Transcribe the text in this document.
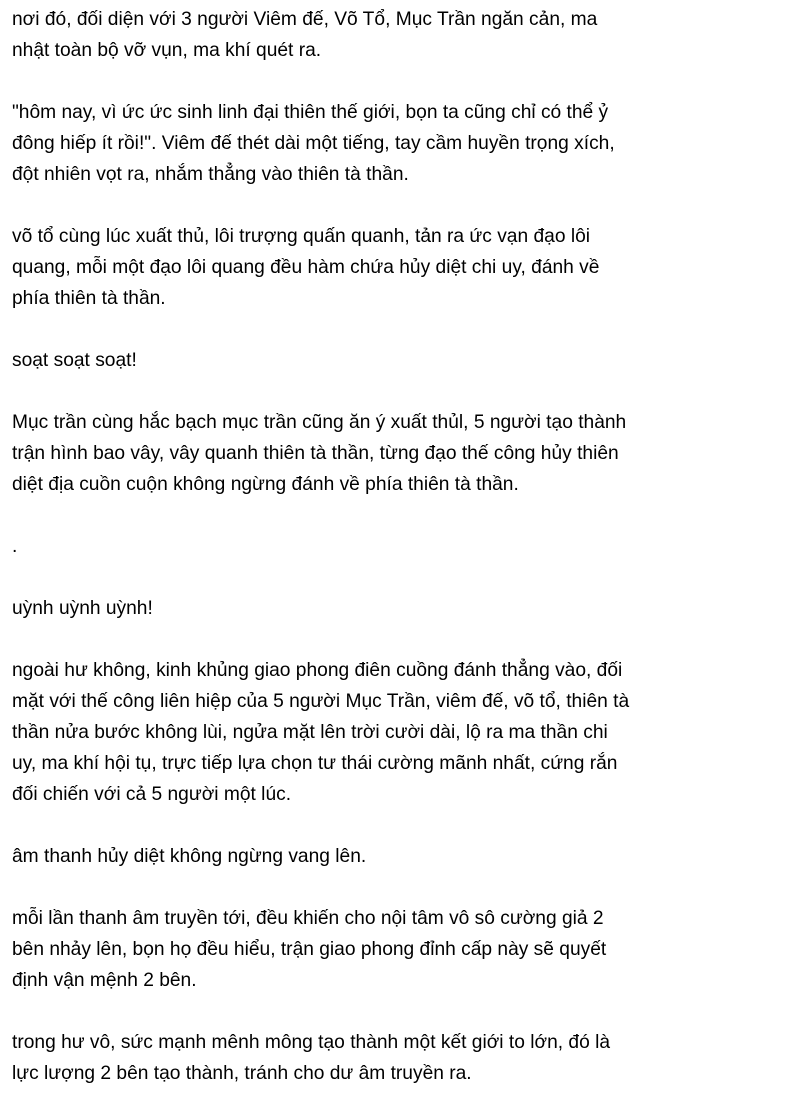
nơi đó, đối diện với 3 người Viêm đế, Võ Tổ, Mục Trần ngăn cản, ma
nhật toàn bộ vỡ vụn, ma khí quét ra.

"hôm nay, vì ức ức sinh linh đại thiên thế giới, bọn ta cũng chỉ có thể ỷ
đông hiếp ít rồi!". Viêm đế thét dài một tiếng, tay cầm huyền trọng xích,
đột nhiên vọt ra, nhắm thẳng vào thiên tà thần.

võ tổ cùng lúc xuất thủ, lôi trượng quấn quanh, tản ra ức vạn đạo lôi
quang, mỗi một đạo lôi quang đều hàm chứa hủy diệt chi uy, đánh về
phía thiên tà thần.

soạt soạt soạt!

Mục trần cùng hắc bạch mục trần cũng ăn ý xuất thủl, 5 người tạo thành
trận hình bao vây, vây quanh thiên tà thần, từng đạo thế công hủy thiên
diệt địa cuồn cuộn không ngừng đánh về phía thiên tà thần.

.

uỳnh uỳnh uỳnh!

ngoài hư không, kinh khủng giao phong điên cuồng đánh thẳng vào, đối
mặt với thế công liên hiệp của 5 người Mục Trần, viêm đế, võ tổ, thiên tà
thần nửa bước không lùi, ngửa mặt lên trời cười dài, lộ ra ma thần chi
uy, ma khí hội tụ, trực tiếp lựa chọn tư thái cường mãnh nhất, cứng rắn
đối chiến với cả 5 người một lúc.

âm thanh hủy diệt không ngừng vang lên.

mỗi lần thanh âm truyền tới, đều khiến cho nội tâm vô sô cường giả 2
bên nhảy lên, bọn họ đều hiểu, trận giao phong đỉnh cấp này sẽ quyết
định vận mệnh 2 bên.

trong hư vô, sức mạnh mênh mông tạo thành một kết giới to lớn, đó là
lực lượng 2 bên tạo thành, tránh cho dư âm truyền ra.
